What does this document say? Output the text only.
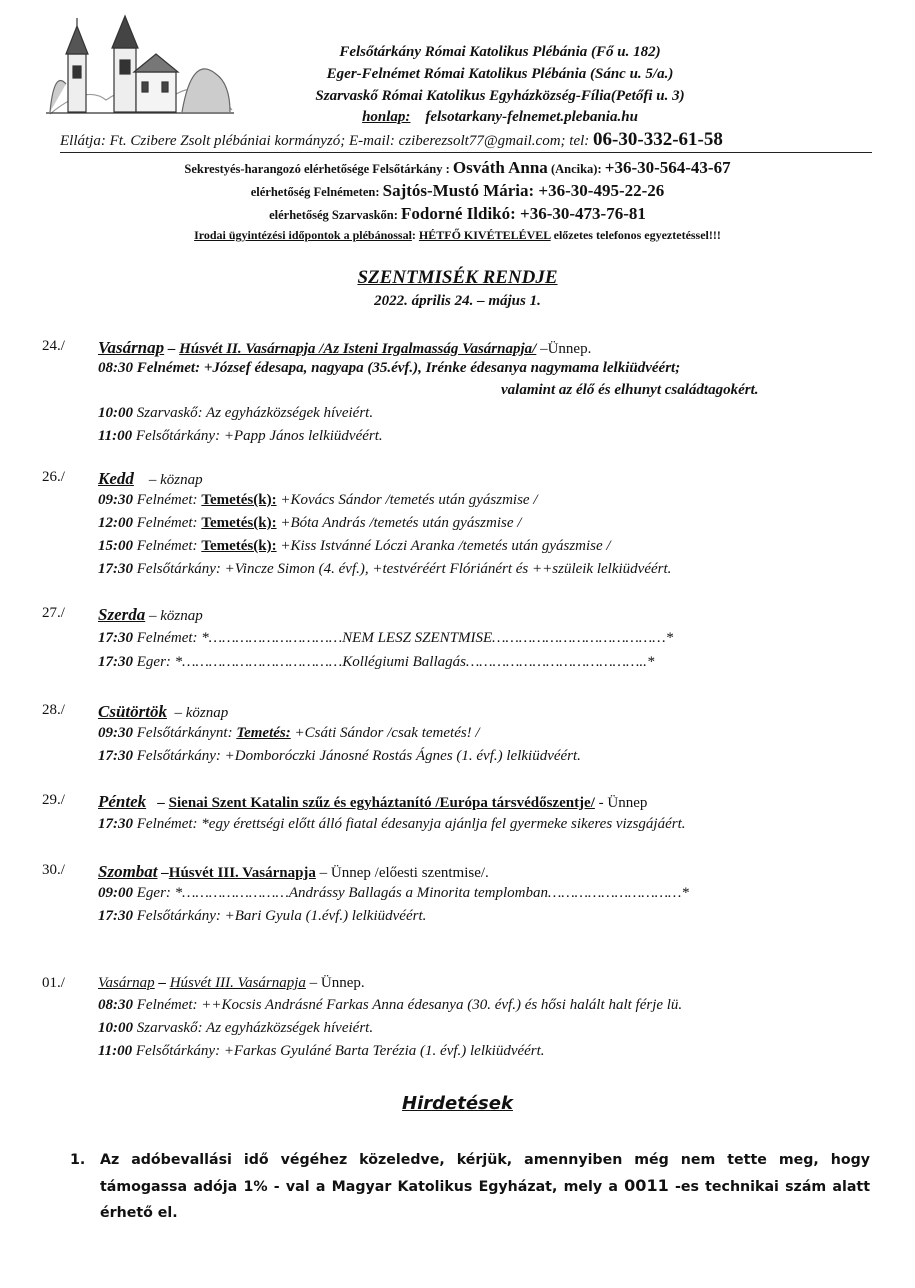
Felsőtárkány Római Katolikus Plébánia (Fő u. 182)
Eger-Felnémet Római Katolikus Plébánia (Sánc u. 5/a.)
Szarvaskő Római Katolikus Egyházközség-Fília(Petőfi u. 3)
honlap: felsotarkany-felnemet.plebania.hu
Ellátja: Ft. Czibere Zsolt plébániai kormányzó; E-mail: cziberezsolt77@gmail.com; tel: 06-30-332-61-58
Sekrestyés-harangozó elérhetősége Felsőtárkány : Osváth Anna (Ancika): +36-30-564-43-67
elérhetőség Felnémeten: Sajtós-Mustó Mária: +36-30-495-22-26
elérhetőség Szarvaskőn: Fodorné Ildikó: +36-30-473-76-81
Irodai ügyintézési időpontok a plébánossal: HÉTFŐ KIVÉTELÉVEL előzetes telefonos egyeztetéssel!!!
SZENTMISÉK RENDJE
2022. április 24. – május 1.
24./ Vasárnap – Húsvét II. Vasárnapja /Az Isteni Irgalmasság Vasárnapja/ –Ünnep.
08:30 Felnémet: +József édesapa, nagyapa (35.évf.), Irénke édesanya nagymama lelkiüdvéért;
valamint az élő és elhunyt családtagokért.
10:00 Szarvaskő: Az egyházközségek híveiért.
11:00 Felsőtárkány: +Papp János lelkiüdvéért.
26./ Kedd – köznap
09:30 Felnémet: Temetés(k): +Kovács Sándor /temetés után gyászmise /
12:00 Felnémet: Temetés(k): +Bóta András /temetés után gyászmise /
15:00 Felnémet: Temetés(k): +Kiss Istvánné Lóczi Aranka /temetés után gyászmise /
17:30 Felsőtárkány: +Vincze Simon (4. évf.), +testvéréért Flóriánért és ++szüleik lelkiüdvéért.
27./ Szerda – köznap
17:30 Felnémet: *…………………………NEM LESZ SZENTMISE…………………………………*
17:30 Eger: *………………………………Kollégiumi Ballagás…………………………………..*
28./ Csütörtök – köznap
09:30 Felsőtárkánynt: Temetés: +Csáti Sándor /csak temetés! /
17:30 Felsőtárkány: +Domboróczki Jánosné Rostás Ágnes (1. évf.) lelkiüdvéért.
29./ Péntek   – Sienai Szent Katalin szűz és egyháztanító /Európa társvédőszentje/ - Ünnep
17:30 Felnémet: *egy érettségi előtt álló fiatal édesanyja ajánlja fel gyermeke sikeres vizsgájáért.
30./ Szombat –Húsvét III. Vasárnapja – Ünnep /előesti szentmise/.
09:00 Eger: *……………………Andrássy Ballagás a Minorita templomban…………………………*
17:30 Felsőtárkány: +Bari Gyula (1.évf.) lelkiüdvéért.
01./ Vasárnap – Húsvét III. Vasárnapja – Ünnep.
08:30 Felnémet: ++Kocsis Andrásné Farkas Anna édesanya (30. évf.) és hősi halált halt férje lü.
10:00 Szarvaskő: Az egyházközségek híveiért.
11:00 Felsőtárkány: +Farkas Gyuláné Barta Terézia (1. évf.) lelkiüdvéért.
Hirdetések
1. Az adóbevallási idő végéhez közeledve, kérjük, amennyiben még nem tette meg, hogy támogassa adója 1% - val a Magyar Katolikus Egyházat, mely a 0011 -es technikai szám alatt érhető el.
